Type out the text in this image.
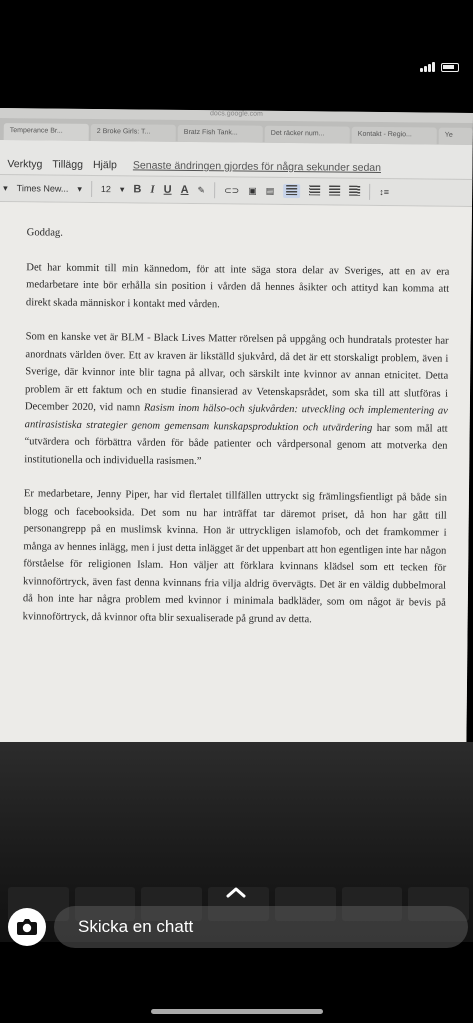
docs.google.com
Temperance Br...	2 Broke Girls: T...	Bratz Fish Tank...	Det räcker num...	Kontakt - Regio...	Ye
Verktyg Tillägg Hjälp Senaste ändringen gjordes för några sekunder sedan
▾ Times New... ▾ 12 ▾ B I U A ✎ ⊂⊃ ▣ ▤	↕≡

Goddag.

Det har kommit till min kännedom, för att inte säga stora delar av Sveriges, att en av era medarbetare inte bör erhålla sin position i vården då hennes åsikter och attityd kan komma att direkt skada människor i kontakt med vården.

Som en kanske vet är BLM - Black Lives Matter rörelsen på uppgång och hundratals protester har anordnats världen över. Ett av kraven är likställd sjukvård, då det är ett storskaligt problem, även i Sverige, där kvinnor inte blir tagna på allvar, och särskilt inte kvinnor av annan etnicitet. Detta problem är ett faktum och en studie finansierad av Vetenskapsrådet, som ska till att slutföras i December 2020, vid namn Rasism inom hälso-och sjukvården: utveckling och implementering av antirasistiska strategier genom gemensam kunskapsproduktion och utvärdering har som mål att “utvärdera och förbättra vården för både patienter och vårdpersonal genom att motverka den institutionella och individuella rasismen.”

Er medarbetare, Jenny Piper, har vid flertalet tillfällen uttryckt sig främlingsfientligt på både sin blogg och facebooksida. Det som nu har inträffat tar däremot priset, då hon har gått till personangrepp på en muslimsk kvinna. Hon är uttryckligen islamofob, och det framkommer i många av hennes inlägg, men i just detta inlägget är det uppenbart att hon egentligen inte har någon förståelse för religionen Islam. Hon väljer att förklara kvinnans klädsel som ett tecken för kvinnoförtryck, även fast denna kvinnans fria vilja aldrig övervägts. Det är en väldig dubbelmoral då hon inte har några problem med kvinnor i minimala badkläder, som om något är bevis på kvinnoförtryck, då kvinnor ofta blir sexualiserade på grund av detta.

Skicka en chatt
